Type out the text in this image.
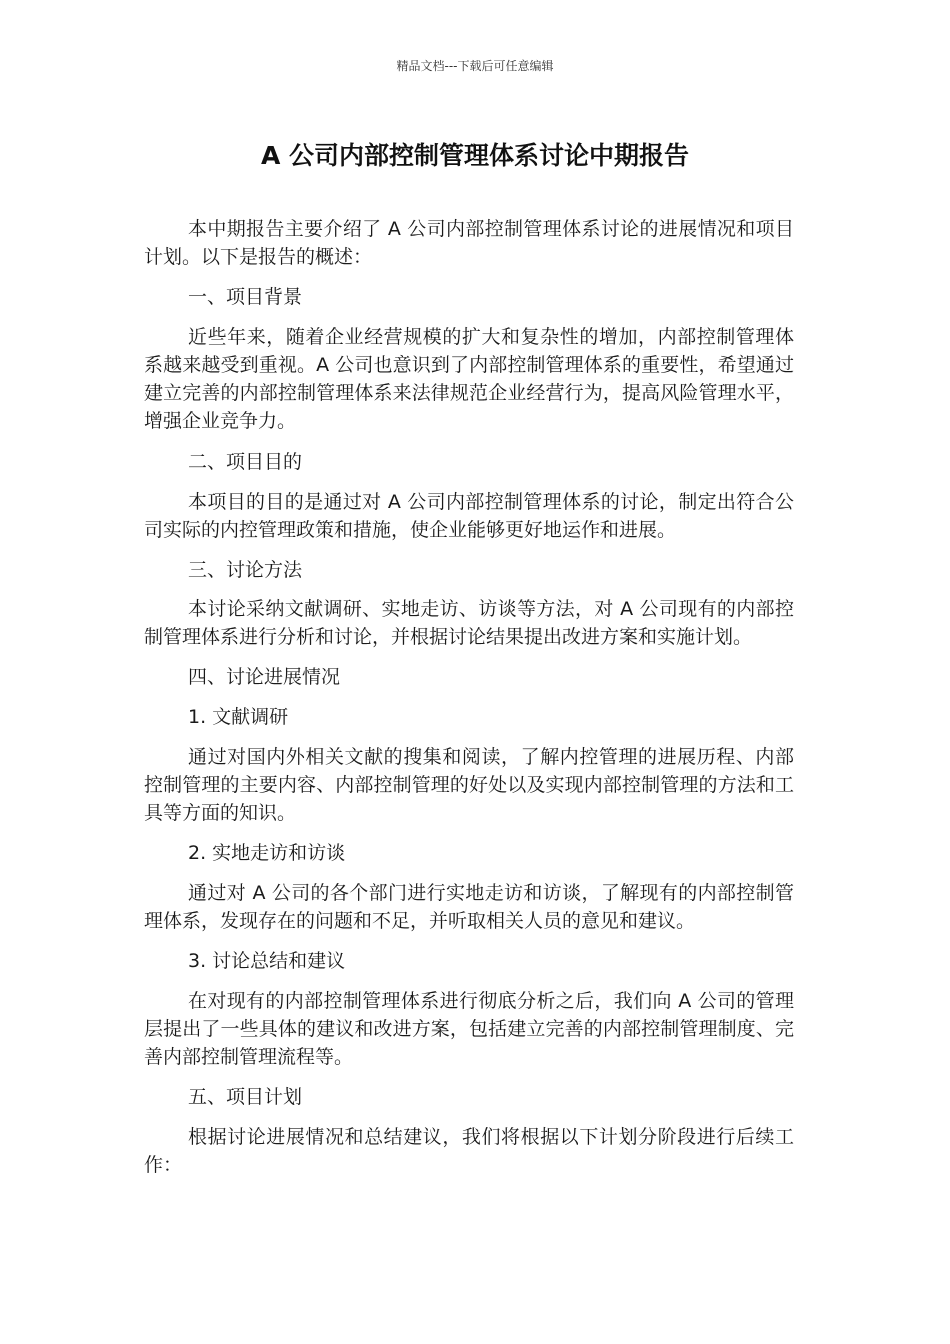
精品文档---下载后可任意编辑
A 公司内部控制管理体系讨论中期报告

本中期报告主要介绍了 A 公司内部控制管理体系讨论的进展情况和项目计划。以下是报告的概述：

一、项目背景

近些年来，随着企业经营规模的扩大和复杂性的增加，内部控制管理体系越来越受到重视。A 公司也意识到了内部控制管理体系的重要性，希望通过建立完善的内部控制管理体系来法律规范企业经营行为，提高风险管理水平，增强企业竞争力。

二、项目目的

本项目的目的是通过对 A 公司内部控制管理体系的讨论，制定出符合公司实际的内控管理政策和措施，使企业能够更好地运作和进展。

三、讨论方法

本讨论采纳文献调研、实地走访、访谈等方法，对 A 公司现有的内部控制管理体系进行分析和讨论，并根据讨论结果提出改进方案和实施计划。

四、讨论进展情况

1. 文献调研

通过对国内外相关文献的搜集和阅读，了解内控管理的进展历程、内部控制管理的主要内容、内部控制管理的好处以及实现内部控制管理的方法和工具等方面的知识。

2. 实地走访和访谈

通过对 A 公司的各个部门进行实地走访和访谈，了解现有的内部控制管理体系，发现存在的问题和不足，并听取相关人员的意见和建议。

3. 讨论总结和建议

在对现有的内部控制管理体系进行彻底分析之后，我们向 A 公司的管理层提出了一些具体的建议和改进方案，包括建立完善的内部控制管理制度、完善内部控制管理流程等。

五、项目计划

根据讨论进展情况和总结建议，我们将根据以下计划分阶段进行后续工作：
